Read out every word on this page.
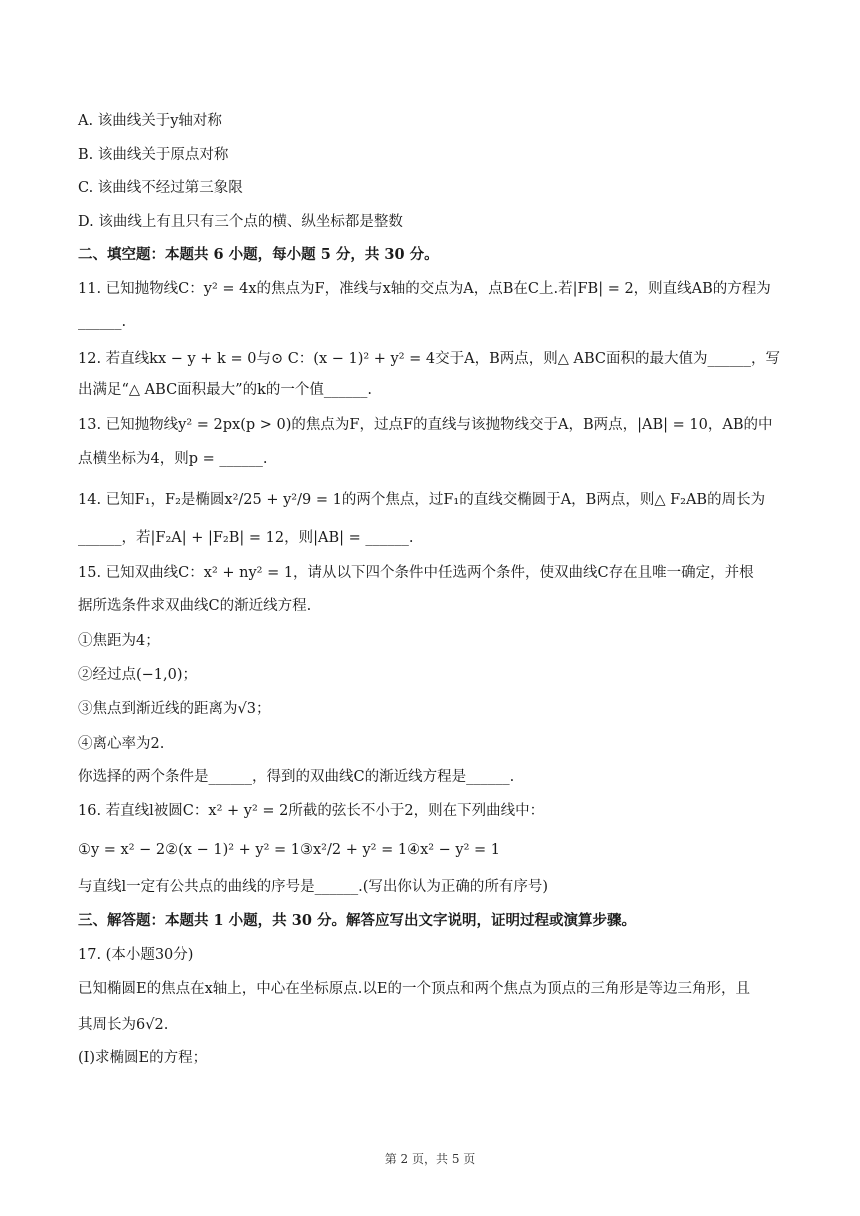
A. 该曲线关于y轴对称
B. 该曲线关于原点对称
C. 该曲线不经过第三象限
D. 该曲线上有且只有三个点的横、纵坐标都是整数
二、填空题：本题共 6 小题，每小题 5 分，共 30 分。
11. 已知抛物线C：y² = 4x的焦点为F，准线与x轴的交点为A，点B在C上.若|FB| = 2，则直线AB的方程为
______.
12. 若直线kx − y + k = 0与⊙ C：(x − 1)² + y² = 4交于A，B两点，则△ ABC面积的最大值为______，写
出满足“△ ABC面积最大”的k的一个值______.
13. 已知抛物线y² = 2px(p > 0)的焦点为F，过点F的直线与该抛物线交于A，B两点，|AB| = 10，AB的中
点横坐标为4，则p = ______.
14. 已知F₁，F₂是椭圆x²/25 + y²/9 = 1的两个焦点，过F₁的直线交椭圆于A，B两点，则△ F₂AB的周长为
______，若|F₂A| + |F₂B| = 12，则|AB| = ______.
15. 已知双曲线C：x² + ny² = 1，请从以下四个条件中任选两个条件，使双曲线C存在且唯一确定，并根
据所选条件求双曲线C的渐近线方程.
①焦距为4；
②经过点(−1,0)；
③焦点到渐近线的距离为√3；
④离心率为2.
你选择的两个条件是______，得到的双曲线C的渐近线方程是______.
16. 若直线l被圆C：x² + y² = 2所截的弦长不小于2，则在下列曲线中：
①y = x² − 2②(x − 1)² + y² = 1③x²/2 + y² = 1④x² − y² = 1
与直线l一定有公共点的曲线的序号是______.(写出你认为正确的所有序号)
三、解答题：本题共 1 小题，共 30 分。解答应写出文字说明，证明过程或演算步骤。
17. (本小题30分)
已知椭圆E的焦点在x轴上，中心在坐标原点.以E的一个顶点和两个焦点为顶点的三角形是等边三角形，且
其周长为6√2.
(Ⅰ)求椭圆E的方程；
第 2 页，共 5 页
